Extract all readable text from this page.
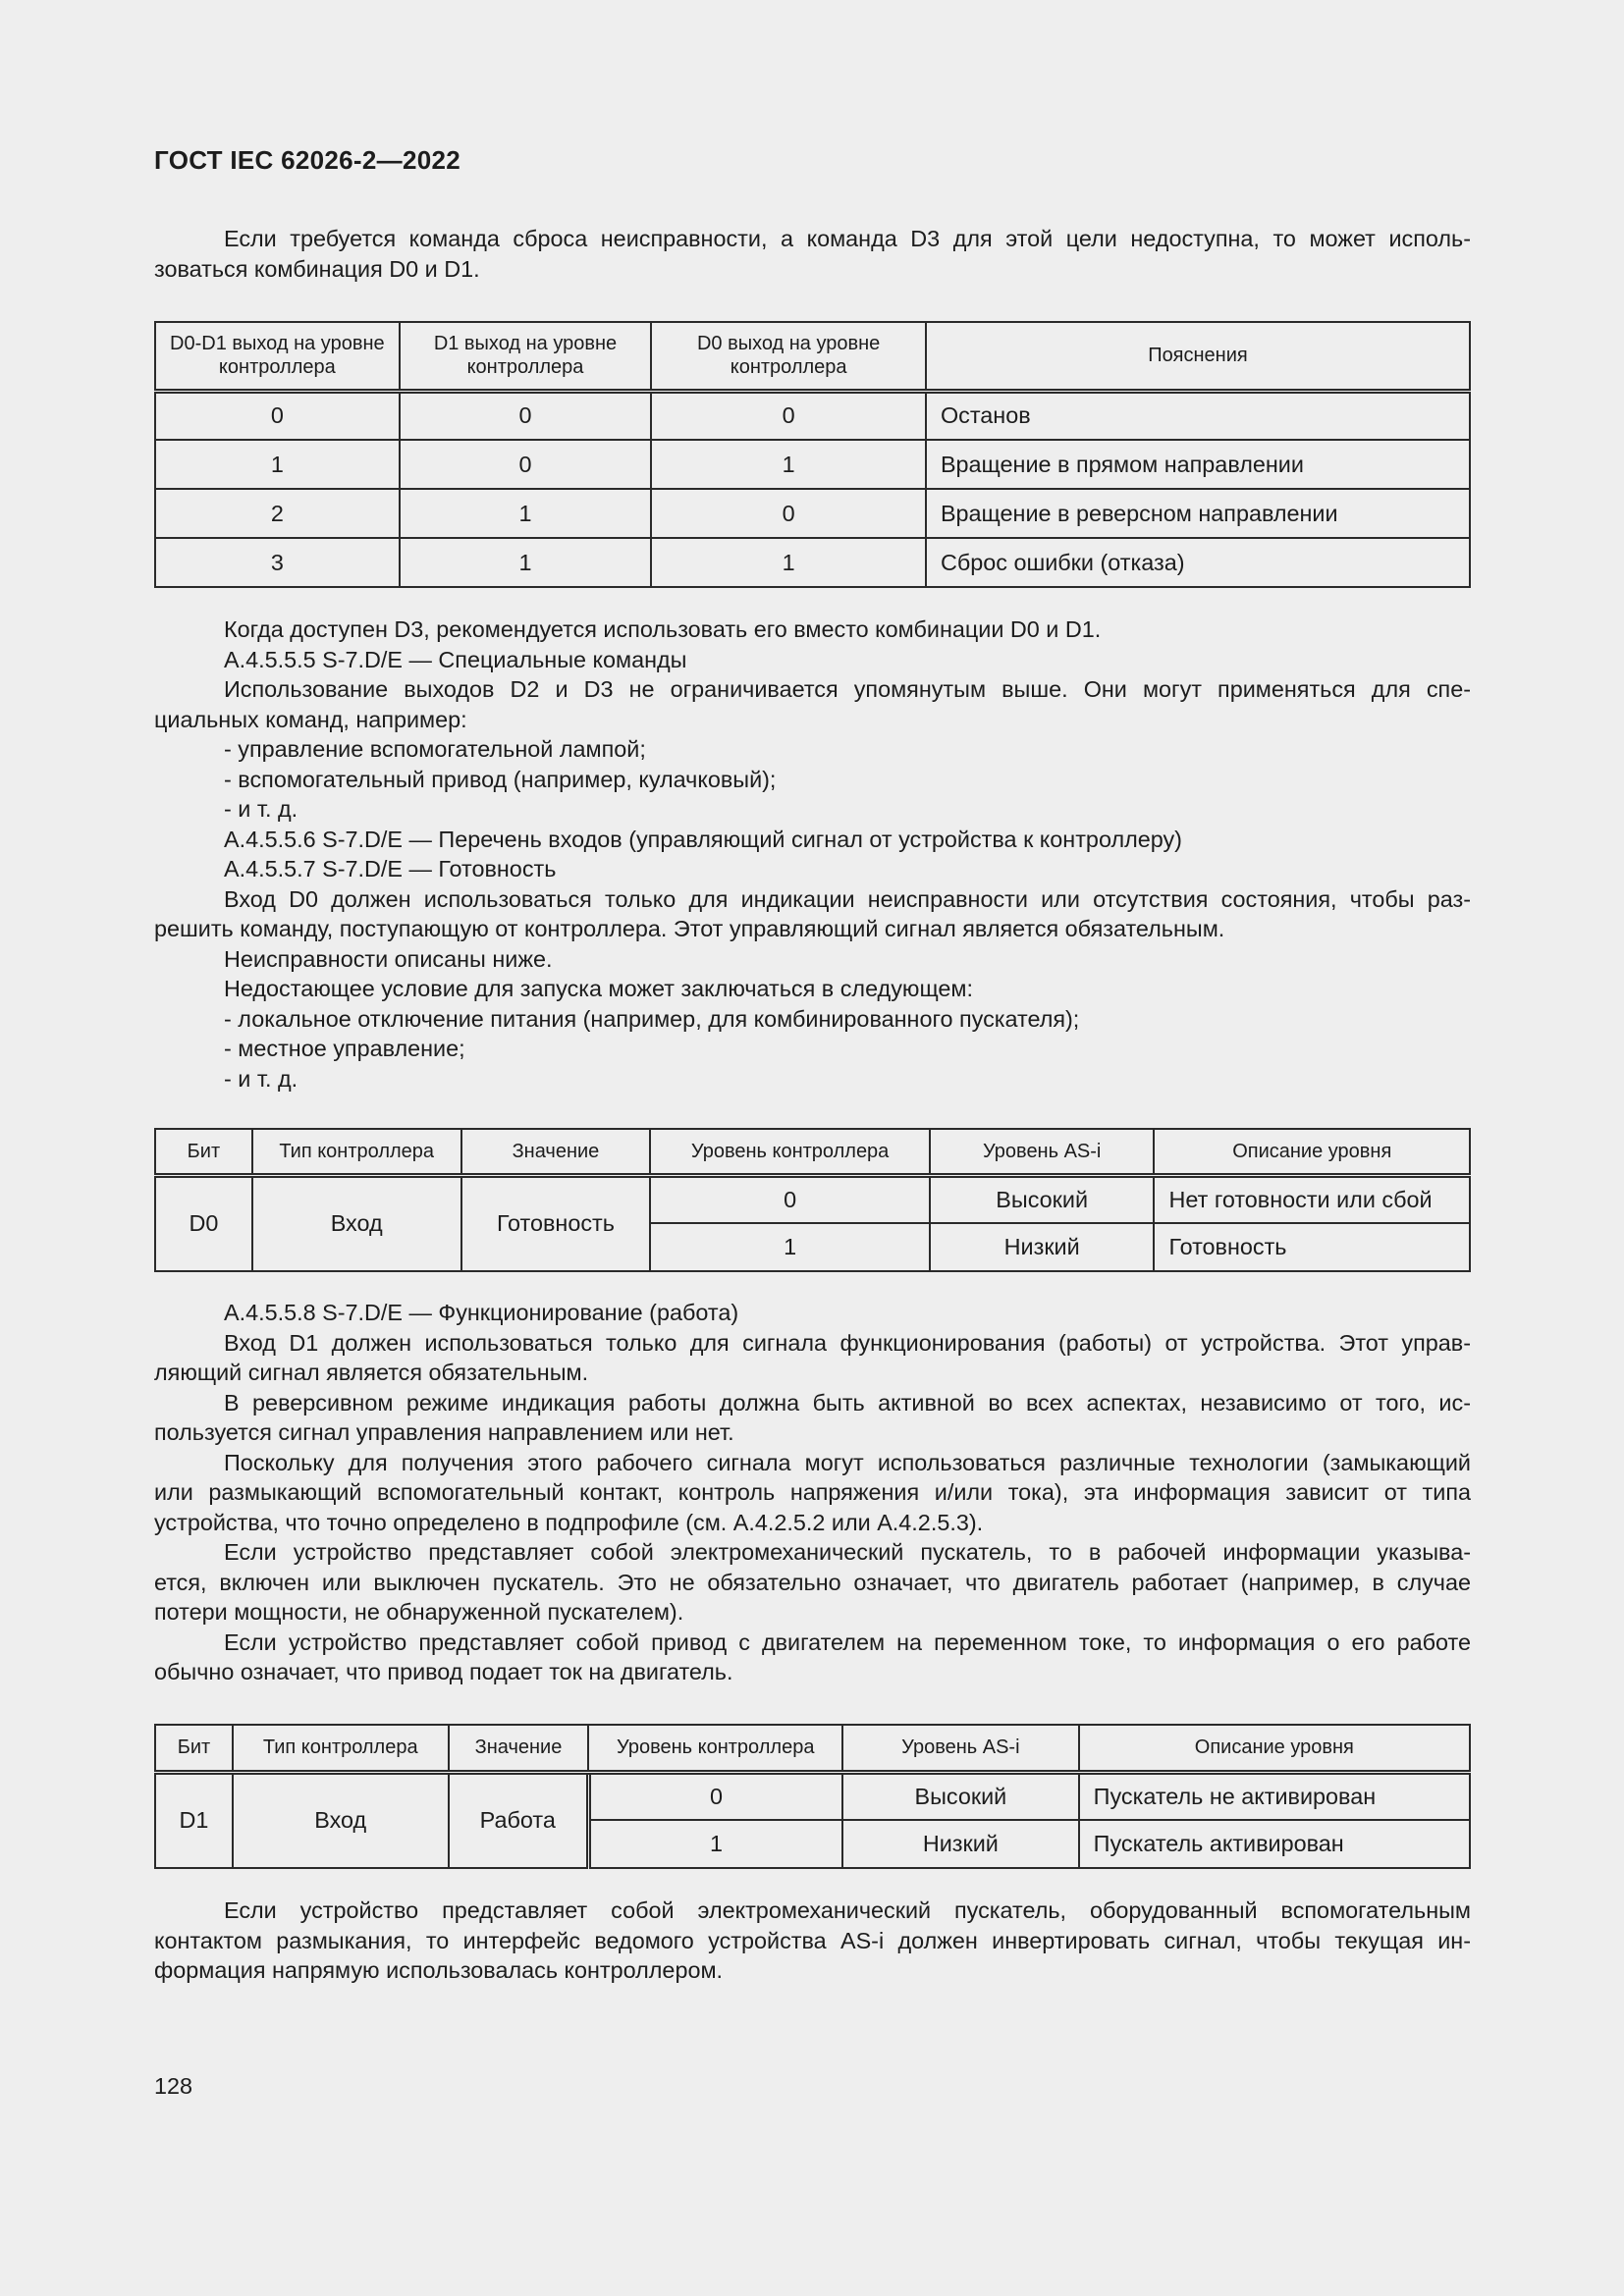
ГОСТ IEC 62026-2—2022

Если требуется команда сброса неисправности, а команда D3 для этой цели недоступна, то может исполь-

зоваться комбинация D0 и D1.

D0-D1 выход на уровне контроллера	D1 выход на уровне контроллера	D0 выход на уровне контроллера	Пояснения
0	0	0	Останов
1	0	1	Вращение в прямом направлении
2	1	0	Вращение в реверсном направлении
3	1	1	Сброс ошибки (отказа)

Когда доступен D3, рекомендуется использовать его вместо комбинации D0 и D1.

А.4.5.5.5 S-7.D/E — Специальные команды

Использование выходов D2 и D3 не ограничивается упомянутым выше. Они могут применяться для спе-

циальных команд, например:

- управление вспомогательной лампой;

- вспомогательный привод (например, кулачковый);

- и т. д.

А.4.5.5.6 S-7.D/E — Перечень входов (управляющий сигнал от устройства к контроллеру)

А.4.5.5.7 S-7.D/E — Готовность

Вход D0 должен использоваться только для индикации неисправности или отсутствия состояния, чтобы раз-

решить команду, поступающую от контроллера. Этот управляющий сигнал является обязательным.

Неисправности описаны ниже.

Недостающее условие для запуска может заключаться в следующем:

- локальное отключение питания (например, для комбинированного пускателя);

- местное управление;

- и т. д.

Бит	Тип контроллера	Значение	Уровень контроллера	Уровень AS-i	Описание уровня
D0	Вход	Готовность	0	Высокий	Нет готовности или сбой
			1	Низкий	Готовность

А.4.5.5.8 S-7.D/E — Функционирование (работа)

Вход D1 должен использоваться только для сигнала функционирования (работы) от устройства. Этот управ-

ляющий сигнал является обязательным.

В реверсивном режиме индикация работы должна быть активной во всех аспектах, независимо от того, ис-

пользуется сигнал управления направлением или нет.

Поскольку для получения этого рабочего сигнала могут использоваться различные технологии (замыкающий

или размыкающий вспомогательный контакт, контроль напряжения и/или тока), эта информация зависит от типа

устройства, что точно определено в подпрофиле (см. А.4.2.5.2 или А.4.2.5.3).

Если устройство представляет собой электромеханический пускатель, то в рабочей информации указыва-

ется, включен или выключен пускатель. Это не обязательно означает, что двигатель работает (например, в случае

потери мощности, не обнаруженной пускателем).

Если устройство представляет собой привод с двигателем на переменном токе, то информация о его работе

обычно означает, что привод подает ток на двигатель.

Бит	Тип контроллера	Значение	Уровень контроллера	Уровень AS-i	Описание уровня
D1	Вход	Работа	0	Высокий	Пускатель не активирован
			1	Низкий	Пускатель активирован

Если устройство представляет собой электромеханический пускатель, оборудованный вспомогательным

контактом размыкания, то интерфейс ведомого устройства AS-i должен инвертировать сигнал, чтобы текущая ин-

формация напрямую использовалась контроллером.

128
